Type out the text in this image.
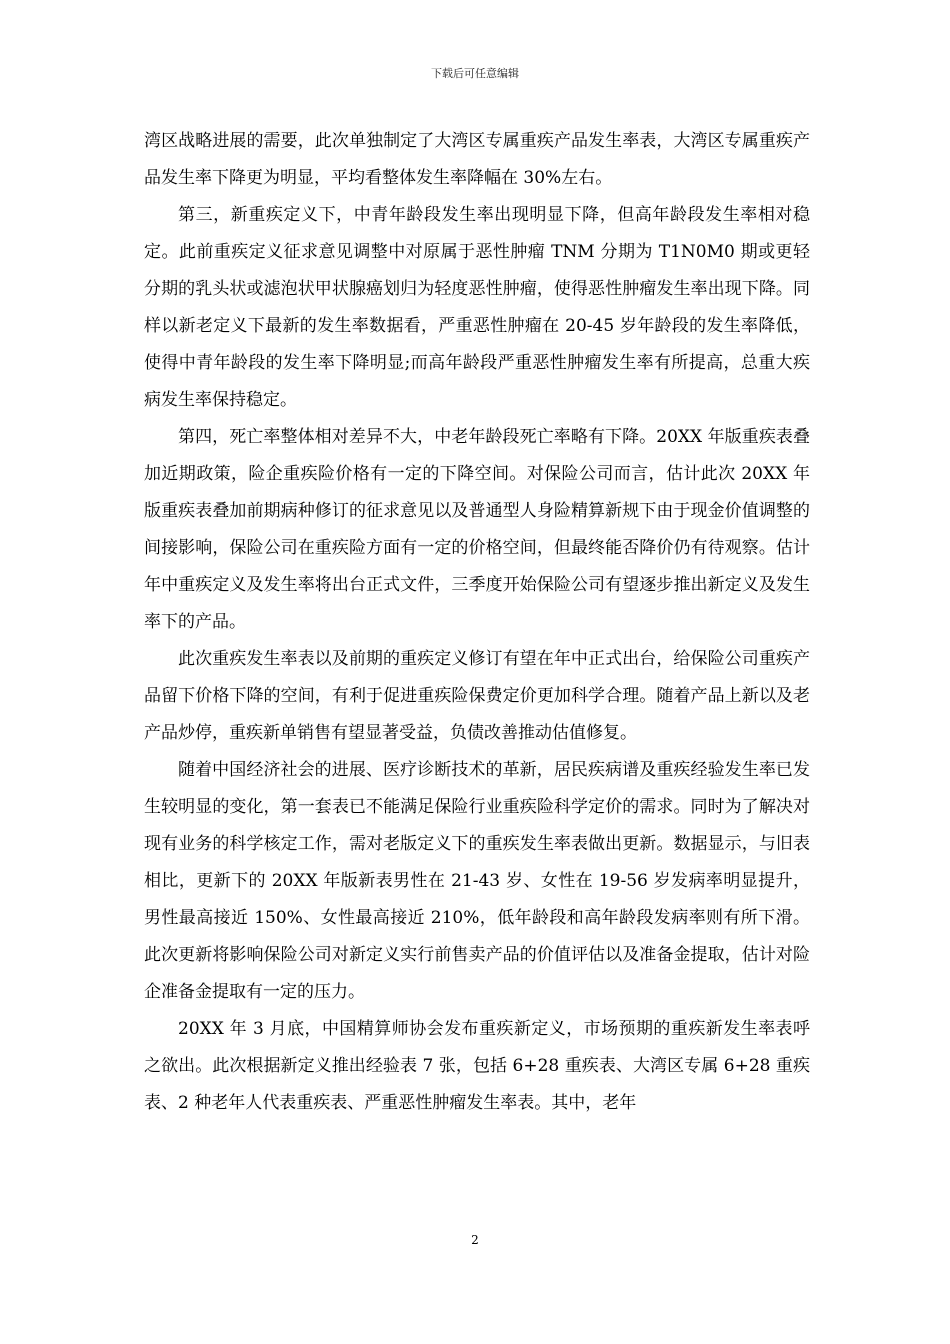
下载后可任意编辑

湾区战略进展的需要，此次单独制定了大湾区专属重疾产品发生率表，大湾区专属重疾产品发生率下降更为明显，平均看整体发生率降幅在 30%左右。

第三，新重疾定义下，中青年龄段发生率出现明显下降，但高年龄段发生率相对稳定。此前重疾定义征求意见调整中对原属于恶性肿瘤 TNM 分期为 T1N0M0 期或更轻分期的乳头状或滤泡状甲状腺癌划归为轻度恶性肿瘤，使得恶性肿瘤发生率出现下降。同样以新老定义下最新的发生率数据看，严重恶性肿瘤在 20-45 岁年龄段的发生率降低，使得中青年龄段的发生率下降明显;而高年龄段严重恶性肿瘤发生率有所提高，总重大疾病发生率保持稳定。

第四，死亡率整体相对差异不大，中老年龄段死亡率略有下降。20XX 年版重疾表叠加近期政策，险企重疾险价格有一定的下降空间。对保险公司而言，估计此次 20XX 年版重疾表叠加前期病种修订的征求意见以及普通型人身险精算新规下由于现金价值调整的间接影响，保险公司在重疾险方面有一定的价格空间，但最终能否降价仍有待观察。估计年中重疾定义及发生率将出台正式文件，三季度开始保险公司有望逐步推出新定义及发生率下的产品。

此次重疾发生率表以及前期的重疾定义修订有望在年中正式出台，给保险公司重疾产品留下价格下降的空间，有利于促进重疾险保费定价更加科学合理。随着产品上新以及老产品炒停，重疾新单销售有望显著受益，负债改善推动估值修复。

随着中国经济社会的进展、医疗诊断技术的革新，居民疾病谱及重疾经验发生率已发生较明显的变化，第一套表已不能满足保险行业重疾险科学定价的需求。同时为了解决对现有业务的科学核定工作，需对老版定义下的重疾发生率表做出更新。数据显示，与旧表相比，更新下的 20XX 年版新表男性在 21-43 岁、女性在 19-56 岁发病率明显提升，男性最高接近 150%、女性最高接近 210%，低年龄段和高年龄段发病率则有所下滑。此次更新将影响保险公司对新定义实行前售卖产品的价值评估以及准备金提取，估计对险企准备金提取有一定的压力。

20XX 年 3 月底，中国精算师协会发布重疾新定义，市场预期的重疾新发生率表呼之欲出。此次根据新定义推出经验表 7 张，包括 6+28 重疾表、大湾区专属 6+28 重疾表、2 种老年人代表重疾表、严重恶性肿瘤发生率表。其中，老年

2
